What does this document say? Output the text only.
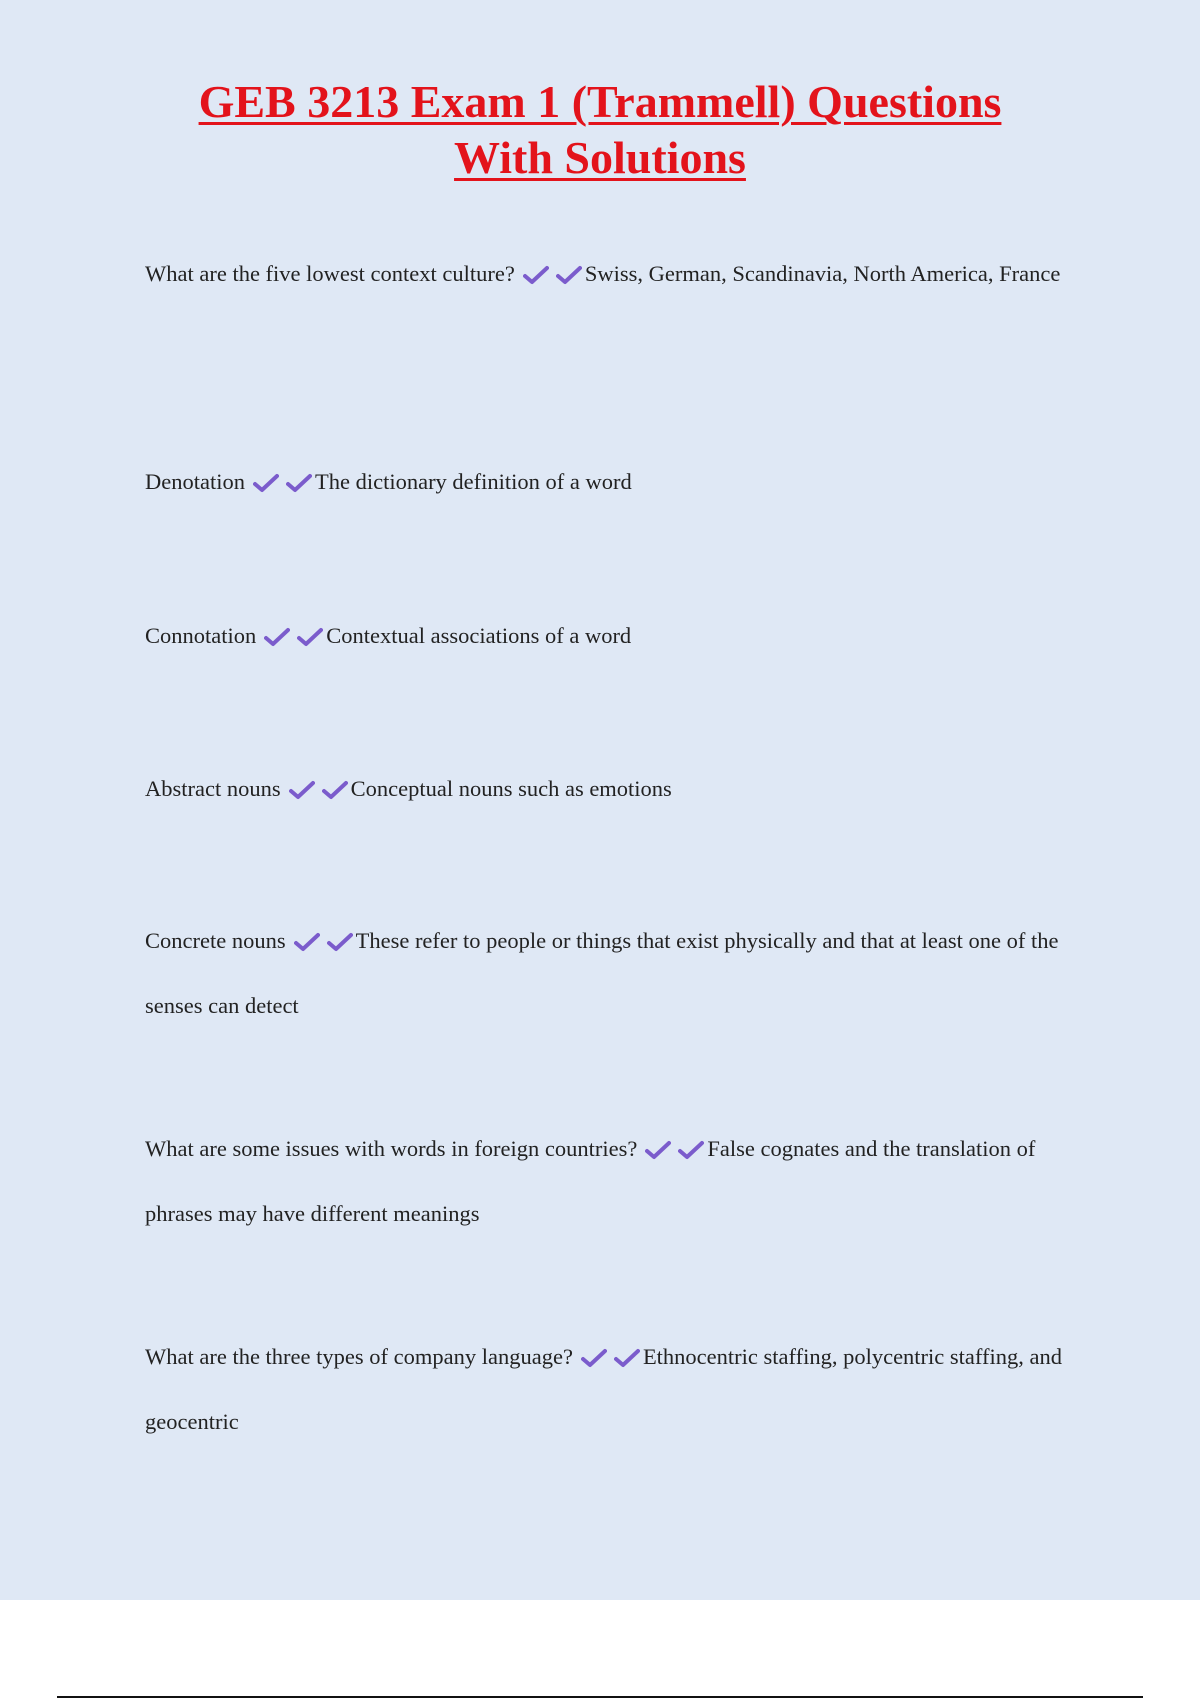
GEB 3213 Exam 1 (Trammell) Questions
With Solutions

What are the five lowest context culture?	Swiss, German, Scandinavia, North America, France

Denotation	The dictionary definition of a word

Connotation	Contextual associations of a word

Abstract nouns	Conceptual nouns such as emotions

Concrete nouns	These refer to people or things that exist physically and that at least one of the senses can detect

What are some issues with words in foreign countries?	False cognates and the translation of phrases may have different meanings

What are the three types of company language?	Ethnocentric staffing, polycentric staffing, and geocentric
